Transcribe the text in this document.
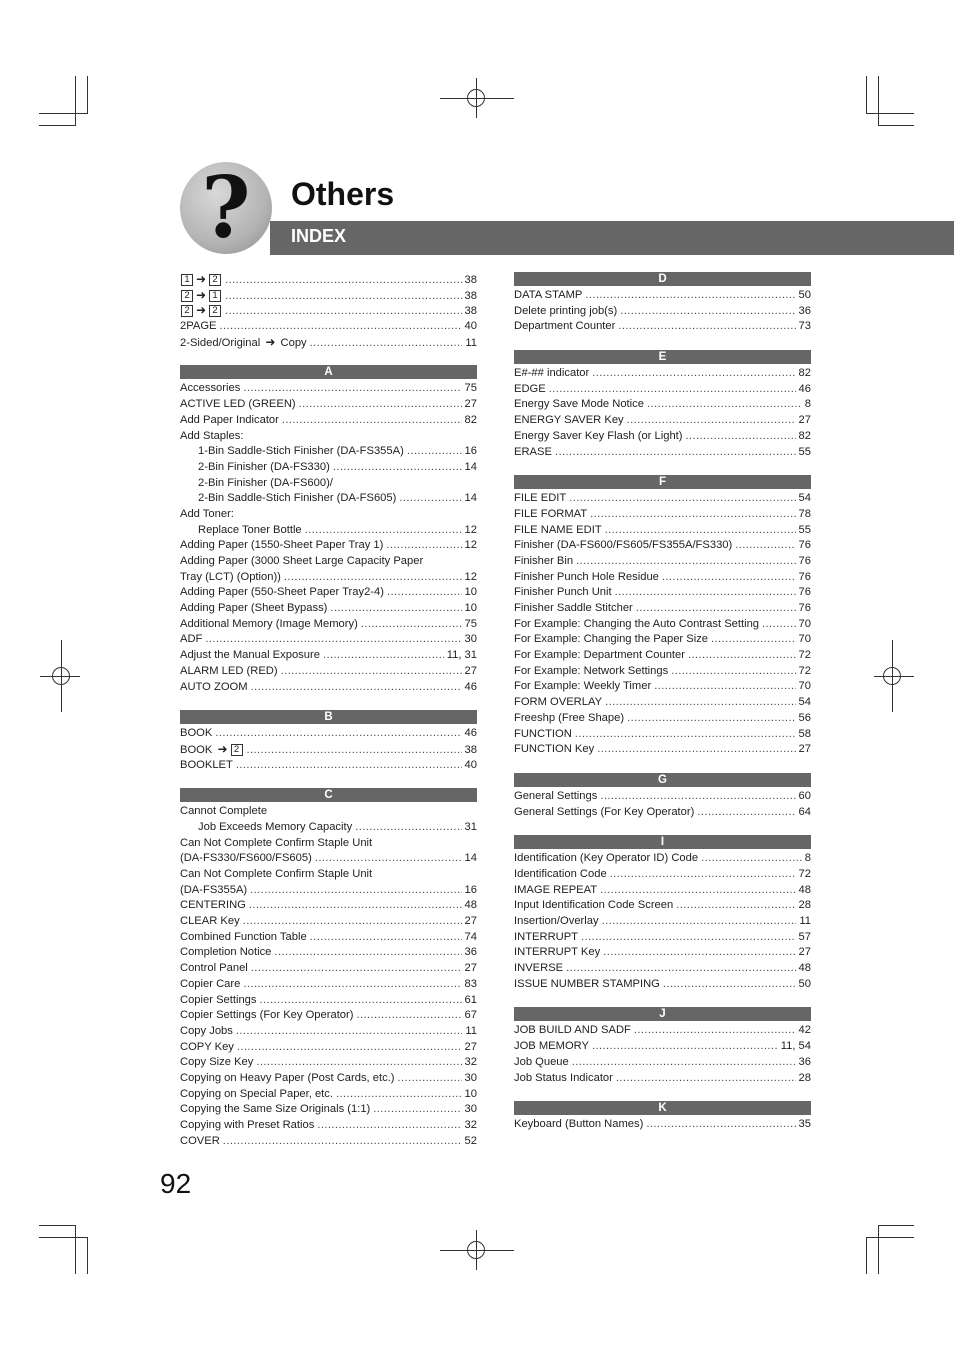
?	Others
INDEX
1 ➜ 2 .....	38
2 ➜ 1 .....	38
2 ➜ 2 .....	38
2PAGE .....	40
2-Sided/Original ➜ Copy .....	11
A
Accessories .....	75
ACTIVE LED (GREEN) .....	27
Add Paper Indicator .....	82
Add Staples:
1-Bin Saddle-Stich Finisher (DA-FS355A) .....	16
2-Bin Finisher (DA-FS330) .....	14
2-Bin Finisher (DA-FS600)/
2-Bin Saddle-Stich Finisher (DA-FS605) .....	14
Add Toner:
Replace Toner Bottle .....	12
Adding Paper (1550-Sheet Paper Tray 1) .....	12
Adding Paper (3000 Sheet Large Capacity Paper
Tray (LCT) (Option)) .....	12
Adding Paper (550-Sheet Paper Tray2-4) .....	10
Adding Paper (Sheet Bypass) .....	10
Additional Memory (Image Memory) .....	75
ADF .....	30
Adjust the Manual Exposure .....	11, 31
ALARM LED (RED) .....	27
AUTO ZOOM .....	46
B
BOOK .....	46
BOOK ➜ 2 .....	38
BOOKLET .....	40
C
Cannot Complete
Job Exceeds Memory Capacity .....	31
Can Not Complete Confirm Staple Unit
(DA-FS330/FS600/FS605) .....	14
Can Not Complete Confirm Staple Unit
(DA-FS355A) .....	16
CENTERING .....	48
CLEAR Key .....	27
Combined Function Table .....	74
Completion Notice .....	36
Control Panel .....	27
Copier Care .....	83
Copier Settings .....	61
Copier Settings (For Key Operator) .....	67
Copy Jobs .....	11
COPY Key .....	27
Copy Size Key .....	32
Copying on Heavy Paper (Post Cards, etc.) .....	30
Copying on Special Paper, etc. .....	10
Copying the Same Size Originals (1:1) .....	30
Copying with Preset Ratios .....	32
COVER .....	52
D
DATA STAMP .....	50
Delete printing job(s) .....	36
Department Counter .....	73
E
E#-## indicator .....	82
EDGE .....	46
Energy Save Mode Notice .....	8
ENERGY SAVER Key .....	27
Energy Saver Key Flash (or Light) .....	82
ERASE .....	55
F
FILE EDIT .....	54
FILE FORMAT .....	78
FILE NAME EDIT .....	55
Finisher (DA-FS600/FS605/FS355A/FS330) .....	76
Finisher Bin .....	76
Finisher Punch Hole Residue .....	76
Finisher Punch Unit .....	76
Finisher Saddle Stitcher .....	76
For Example: Changing the Auto Contrast Setting .....	70
For Example: Changing the Paper Size .....	70
For Example: Department Counter .....	72
For Example: Network Settings .....	72
For Example: Weekly Timer .....	70
FORM OVERLAY .....	54
Freeshp (Free Shape) .....	56
FUNCTION .....	58
FUNCTION Key .....	27
G
General Settings .....	60
General Settings (For Key Operator) .....	64
I
Identification (Key Operator ID) Code .....	8
Identification Code .....	72
IMAGE REPEAT .....	48
Input Identification Code Screen .....	28
Insertion/Overlay .....	11
INTERRUPT .....	57
INTERRUPT Key .....	27
INVERSE .....	48
ISSUE NUMBER STAMPING .....	50
J
JOB BUILD AND SADF .....	42
JOB MEMORY .....	11, 54
Job Queue .....	36
Job Status Indicator .....	28
K
Keyboard (Button Names) .....	35
92
